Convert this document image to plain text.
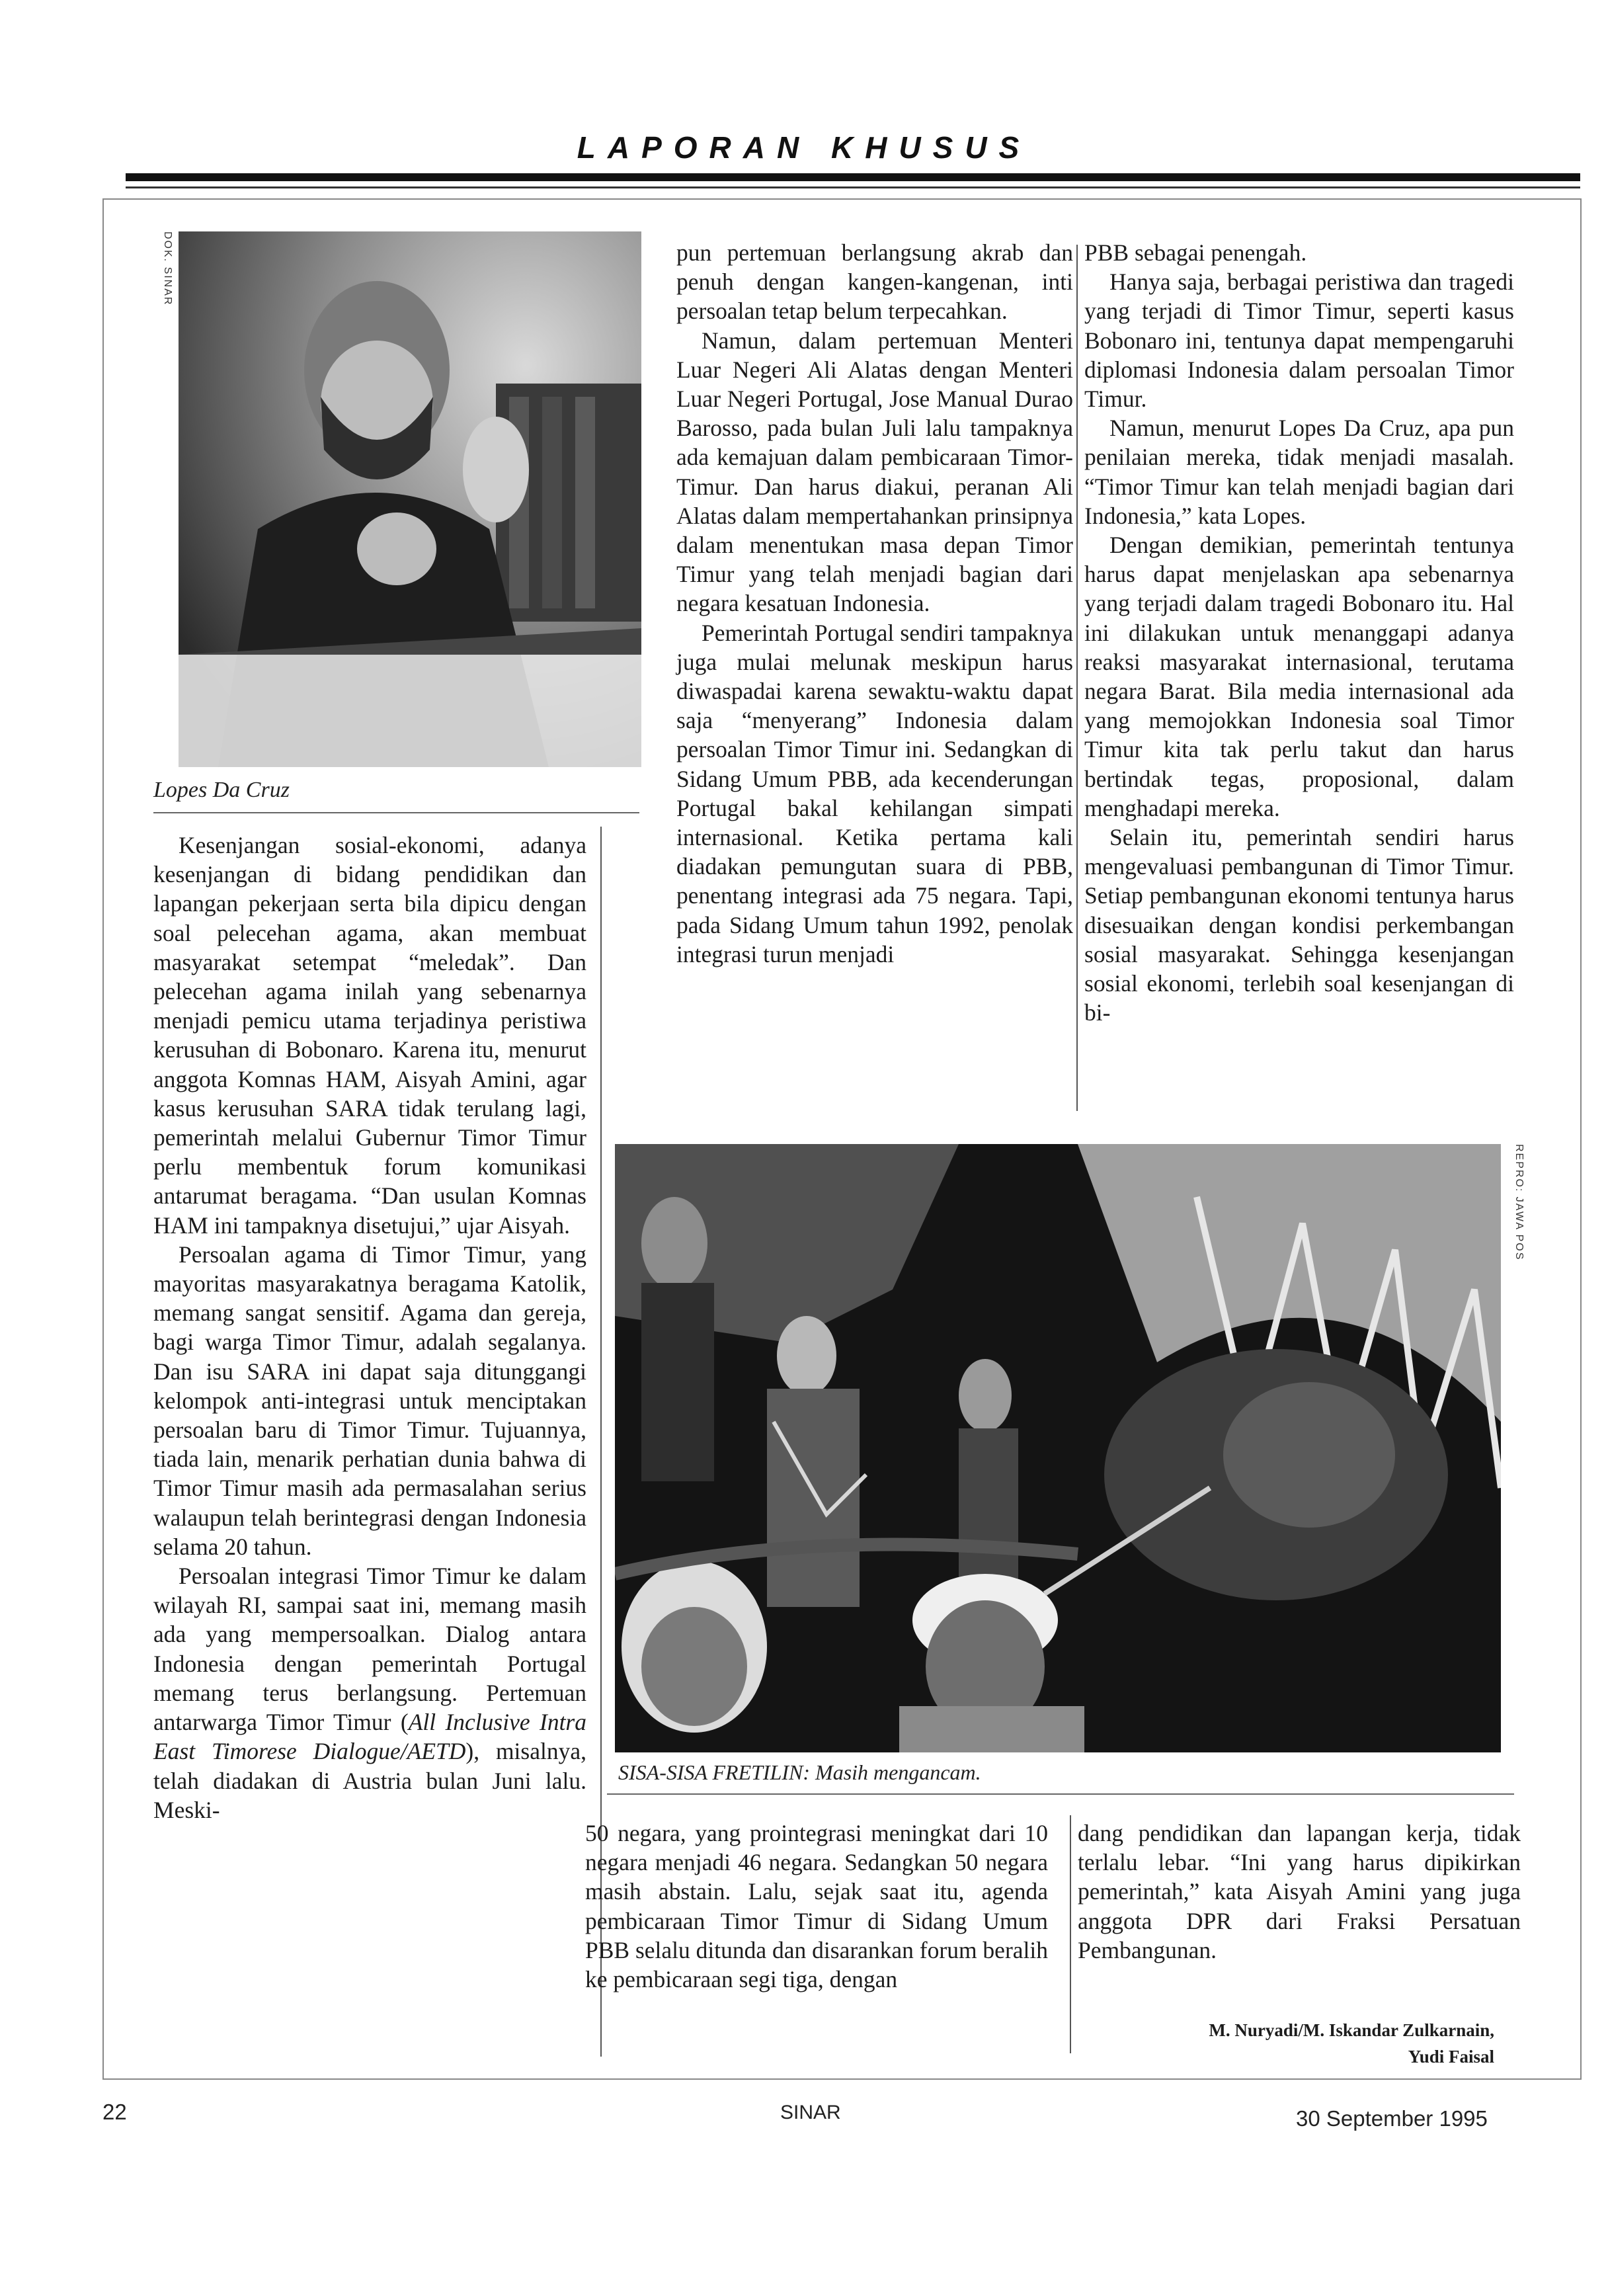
LAPORAN KHUSUS
DOK. SINAR
Lopes Da Cruz

Kesenjangan sosial-ekonomi, adanya kesenjangan di bidang pendidikan dan lapangan pekerjaan serta bila dipicu dengan soal pelecehan agama, akan membuat masyarakat setempat “meledak”. Dan pelecehan agama inilah yang sebenarnya menjadi pemicu utama terjadinya peristiwa kerusuhan di Bobonaro. Karena itu, menurut anggota Komnas HAM, Aisyah Amini, agar kasus kerusuhan SARA tidak terulang lagi, pemerintah melalui Gubernur Timor Timur perlu membentuk forum komunikasi antarumat beragama. “Dan usulan Komnas HAM ini tampaknya disetujui,” ujar Aisyah.

Persoalan agama di Timor Timur, yang mayoritas masyarakatnya beragama Katolik, memang sangat sensitif. Agama dan gereja, bagi warga Timor Timur, adalah segalanya. Dan isu SARA ini dapat saja ditunggangi kelompok anti-integrasi untuk menciptakan persoalan baru di Timor Timur. Tujuannya, tiada lain, menarik perhatian dunia bahwa di Timor Timur masih ada permasalahan serius walaupun telah berintegrasi dengan Indonesia selama 20 tahun.

Persoalan integrasi Timor Timur ke dalam wilayah RI, sampai saat ini, memang masih ada yang mempersoalkan. Dialog antara Indonesia dengan pemerintah Portugal memang terus berlangsung. Pertemuan antarwarga Timor Timur (All Inclusive Intra East Timorese Dialogue/AETD), misalnya, telah diadakan di Austria bulan Juni lalu. Meski-

pun pertemuan berlangsung akrab dan penuh dengan kangen-kangenan, inti persoalan tetap belum terpecahkan.

Namun, dalam pertemuan Menteri Luar Negeri Ali Alatas dengan Menteri Luar Negeri Portugal, Jose Manual Durao Barosso, pada bulan Juli lalu tampaknya ada kemajuan dalam pembicaraan Timor-Timur. Dan harus diakui, peranan Ali Alatas dalam mempertahankan prinsipnya dalam menentukan masa depan Timor Timur yang telah menjadi bagian dari negara kesatuan Indonesia.

Pemerintah Portugal sendiri tampaknya juga mulai melunak meskipun harus diwaspadai karena sewaktu-waktu dapat saja “menyerang” Indonesia dalam persoalan Timor Timur ini. Sedangkan di Sidang Umum PBB, ada kecenderungan Portugal bakal kehilangan simpati internasional. Ketika pertama kali diadakan pemungutan suara di PBB, penentang integrasi ada 75 negara. Tapi, pada Sidang Umum tahun 1992, penolak integrasi turun menjadi

PBB sebagai penengah.

Hanya saja, berbagai peristiwa dan tragedi yang terjadi di Timor Timur, seperti kasus Bobonaro ini, tentunya dapat mempengaruhi diplomasi Indonesia dalam persoalan Timor Timur.

Namun, menurut Lopes Da Cruz, apa pun penilaian mereka, tidak menjadi masalah. “Timor Timur kan telah menjadi bagian dari Indonesia,” kata Lopes.

Dengan demikian, pemerintah tentunya harus dapat menjelaskan apa sebenarnya yang terjadi dalam tragedi Bobonaro itu. Hal ini dilakukan untuk menanggapi adanya reaksi masyarakat internasional, terutama negara Barat. Bila media internasional ada yang memojokkan Indonesia soal Timor Timur kita tak perlu takut dan harus bertindak tegas, proposional, dalam menghadapi mereka.

Selain itu, pemerintah sendiri harus mengevaluasi pembangunan di Timor Timur. Setiap pembangunan ekonomi tentunya harus disesuaikan dengan kondisi perkembangan sosial masyarakat. Sehingga kesenjangan sosial ekonomi, terlebih soal kesenjangan di bi-

REPRO: JAWA POS
SISA-SISA FRETILIN: Masih mengancam.

50 negara, yang prointegrasi meningkat dari 10 negara menjadi 46 negara. Sedangkan 50 negara masih abstain. Lalu, sejak saat itu, agenda pembicaraan Timor Timur di Sidang Umum PBB selalu ditunda dan disarankan forum beralih ke pembicaraan segi tiga, dengan

dang pendidikan dan lapangan kerja, tidak terlalu lebar. “Ini yang harus dipikirkan pemerintah,” kata Aisyah Amini yang juga anggota DPR dari Fraksi Persatuan Pembangunan.

M. Nuryadi/M. Iskandar Zulkarnain,
Yudi Faisal
22	SINAR	30 September 1995
